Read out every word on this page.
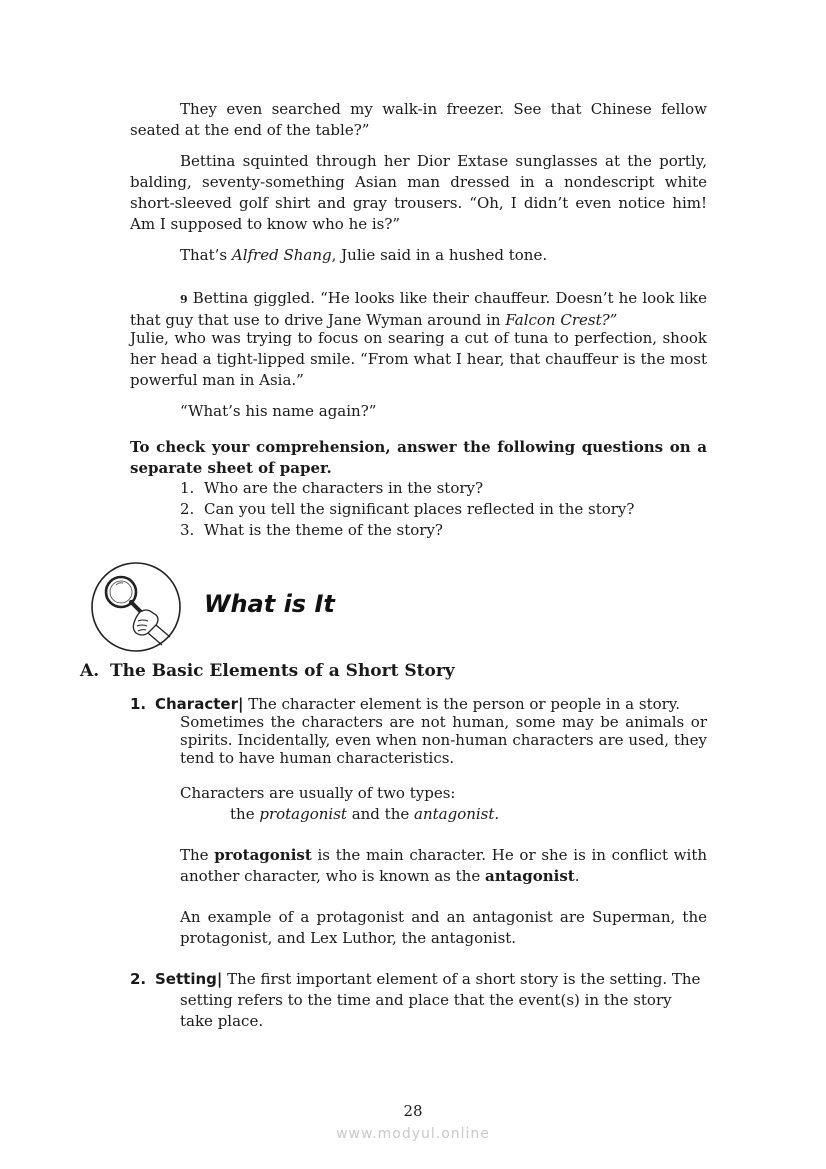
They even searched my walk-in freezer. See that Chinese fellow seated at the end of the table?”

Bettina squinted through her Dior Extase sunglasses at the portly, balding, seventy-something Asian man dressed in a nondescript white short-sleeved golf shirt and gray trousers. “Oh, I didn’t even notice him! Am I supposed to know who he is?”

That’s Alfred Shang, Julie said in a hushed tone.

9 Bettina giggled. “He looks like their chauffeur. Doesn’t he look like that guy that use to drive Jane Wyman around in Falcon Crest?”

Julie, who was trying to focus on searing a cut of tuna to perfection, shook her head a tight-lipped smile. “From what I hear, that chauffeur is the most powerful man in Asia.”

“What’s his name again?”

To check your comprehension, answer the following questions on a separate sheet of paper.

1. Who are the characters in the story?
2. Can you tell the significant places reflected in the story?
3. What is the theme of the story?
What is It
A. The Basic Elements of a Short Story

1. Character| The character element is the person or people in a story.

Sometimes the characters are not human, some may be animals or spirits. Incidentally, even when non-human characters are used, they tend to have human characteristics.

Characters are usually of two types:

the protagonist and the antagonist.

The protagonist is the main character. He or she is in conflict with another character, who is known as the antagonist.

An example of a protagonist and an antagonist are Superman, the protagonist, and Lex Luthor, the antagonist.

2. Setting| The first important element of a short story is the setting. The

setting refers to the time and place that the event(s) in the story take place.

28
www.modyul.online
